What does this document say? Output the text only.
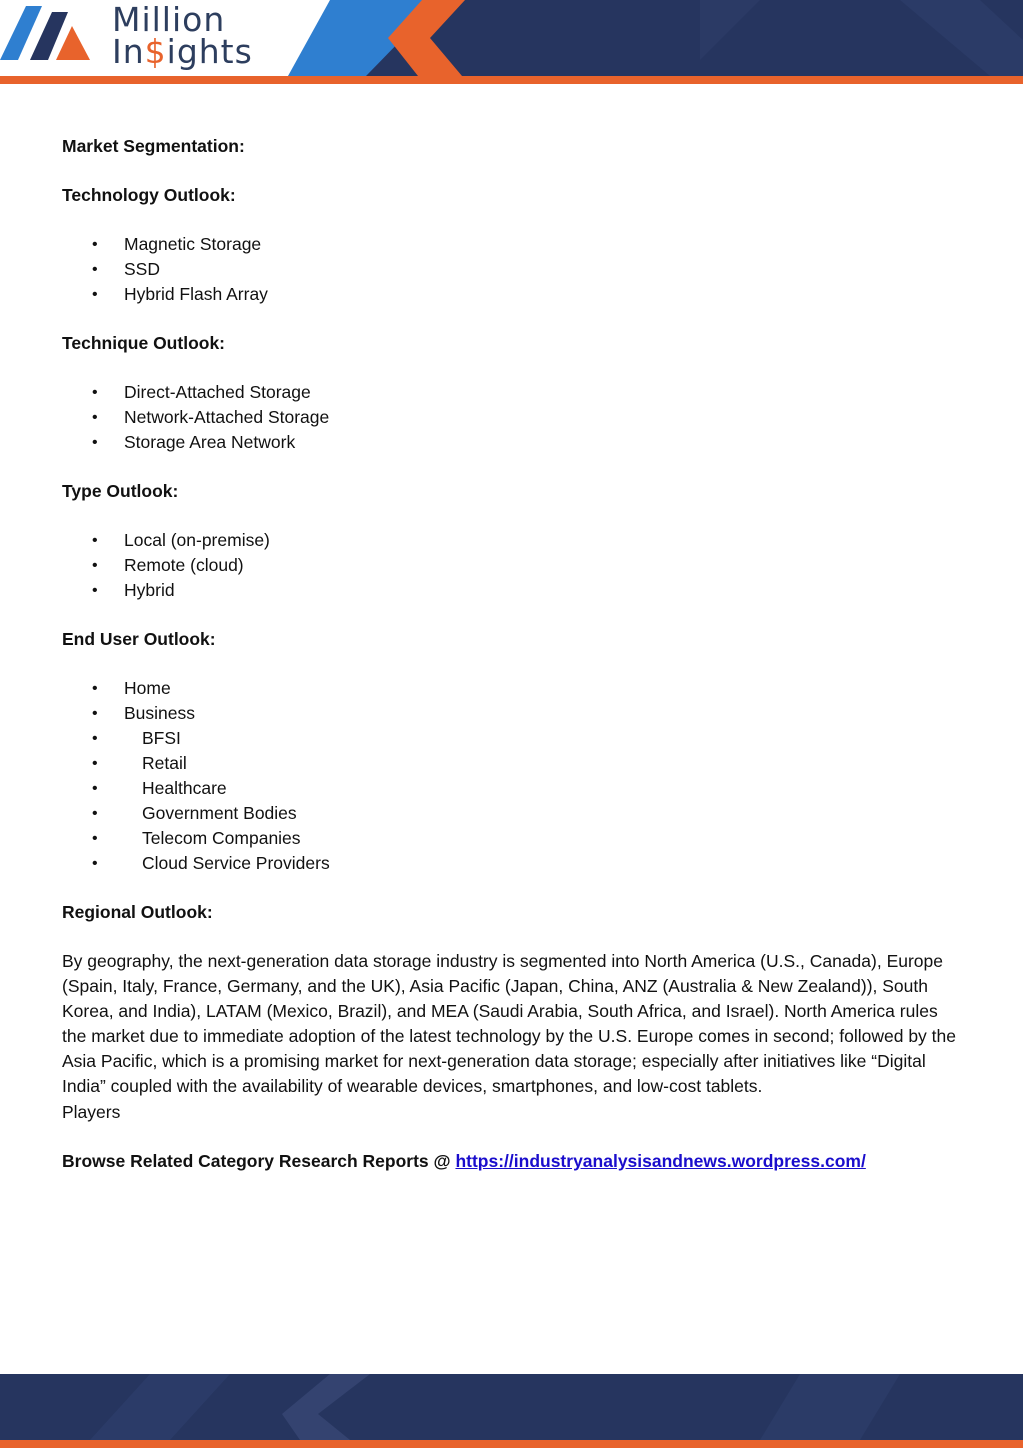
Million
In$ights

Market Segmentation:

Technology Outlook:

• Magnetic Storage
• SSD
• Hybrid Flash Array

Technique Outlook:

• Direct-Attached Storage
• Network-Attached Storage
• Storage Area Network

Type Outlook:

• Local (on-premise)
• Remote (cloud)
• Hybrid

End User Outlook:

• Home
• Business
• BFSI
• Retail
• Healthcare
• Government Bodies
• Telecom Companies
• Cloud Service Providers

Regional Outlook:

By geography, the next-generation data storage industry is segmented into North America (U.S., Canada), Europe (Spain, Italy, France, Germany, and the UK), Asia Pacific (Japan, China, ANZ (Australia & New Zealand)), South Korea, and India), LATAM (Mexico, Brazil), and MEA (Saudi Arabia, South Africa, and Israel). North America rules the market due to immediate adoption of the latest technology by the U.S. Europe comes in second; followed by the Asia Pacific, which is a promising market for next-generation data storage; especially after initiatives like “Digital India” coupled with the availability of wearable devices, smartphones, and low-cost tablets.

Players

Browse Related Category Research Reports @ https://industryanalysisandnews.wordpress.com/
